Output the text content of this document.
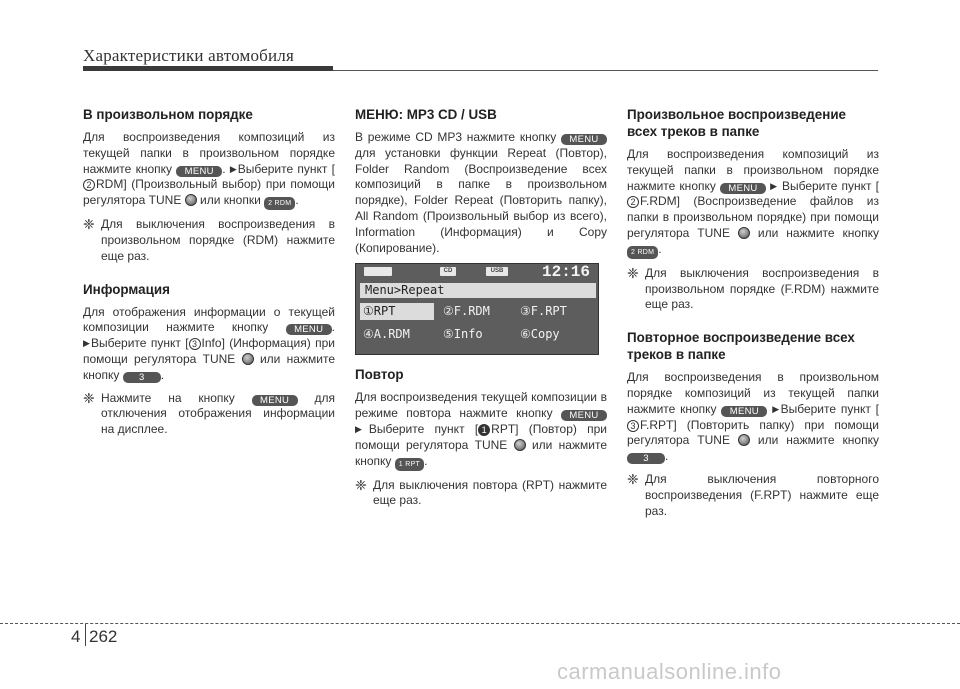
Характеристики автомобиля
В произвольном порядке

Для воспроизведения композиций из текущей папки в произвольном порядке нажмите кнопку MENU . ▶Выберите пункт [2 RDM] (Произвольный выбор) при помощи регулятора TUNE  или кнопки 2 RDM .

❈ Для выключения воспроизведения в произвольном порядке (RDM) нажмите еще раз.

Информация

Для отображения информации о текущей композиции нажмите кнопку MENU . ▶Выберите пункт [ 3 Info] (Информация) при помощи регулятора TUNE  или нажмите кнопку 3 .

❈ Нажмите на кнопку MENU для отключения отображения информации на дисплее.

МЕНЮ: MP3 CD / USB

В режиме CD MP3 нажмите кнопку MENU для установки функции Repeat (Повтор), Folder Random (Воспроизведение всех композиций в папке в произвольном порядке), Folder Repeat (Повторить папку), All Random (Произвольный выбор из всего), Information (Информация) и Copy (Копирование).

CD	USB 12:16
Menu>Repeat
①RPT	②F.RDM	③F.RPT
④A.RDM	⑤Info	⑥Copy
Повтор

Для воспроизведения текущей композиции в режиме повтора нажмите кнопку MENU ▶Выберите пункт [ 1 RPT] (Повтор) при помощи регулятора TUNE  или нажмите кнопку 1 RPT .

❈ Для выключения повтора (RPT) нажмите еще раз.

Произвольное воспроизведение всех треков в папке

Для воспроизведения композиций из текущей папки в произвольном порядке нажмите кнопку MENU ▶ Выберите пункт [2 F.RDM] (Воспроизведение файлов из папки в произвольном порядке) при помощи регулятора TUNE  или нажмите кнопку 2 RDM .

❈ Для выключения воспроизведения в произвольном порядке (F.RDM) нажмите еще раз.

Повторное воспроизведение всех треков в папке

Для воспроизведения в произвольном порядке композиций из текущей папки нажмите кнопку MENU ▶Выберите пункт [3 F.RPT] (Повторить папку) при помощи регулятора TUNE  или нажмите кнопку 3 .

❈ Для выключения повторного воспроизведения (F.RPT) нажмите еще раз.

4 262
carmanualsonline.info
